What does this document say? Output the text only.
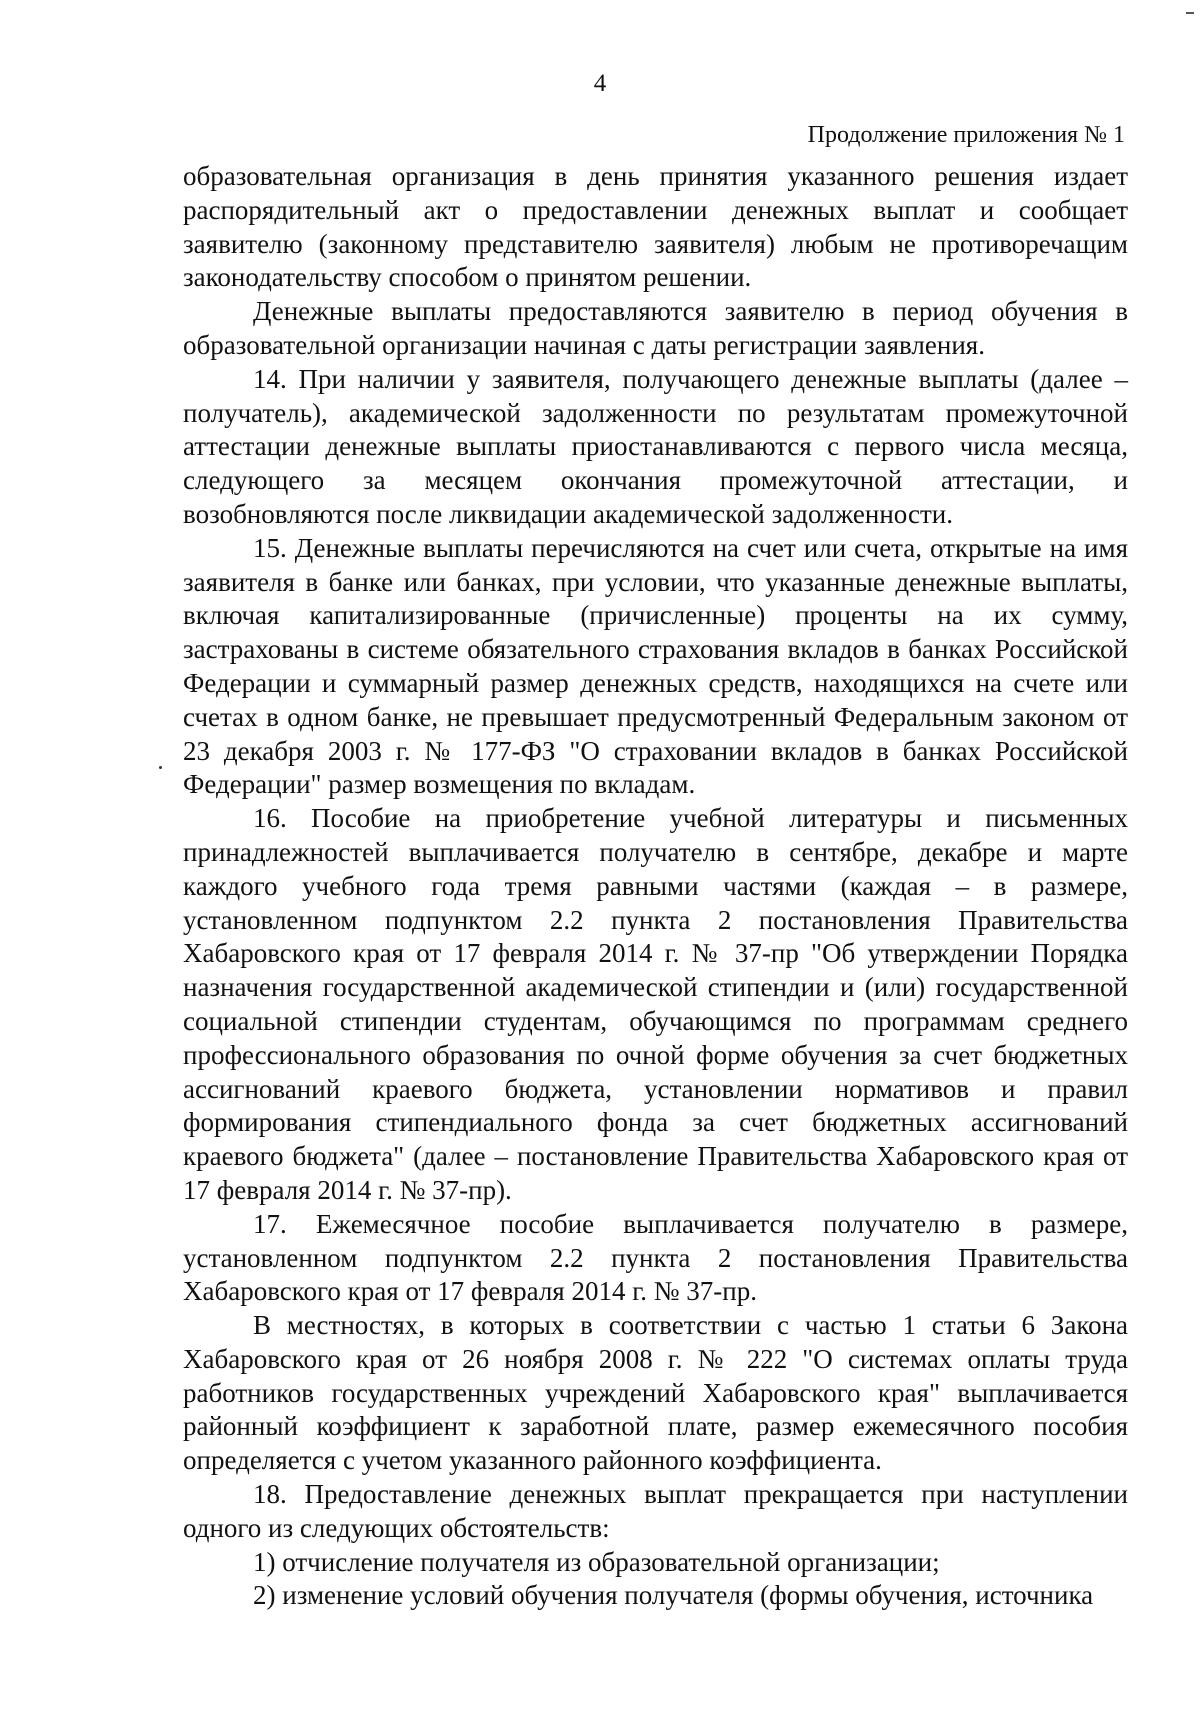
4
Продолжение приложения № 1

образовательная организация в день принятия указанного решения издает распорядительный акт о предоставлении денежных выплат и сообщает заявителю (законному представителю заявителя) любым не противоречащим законодательству способом о принятом решении.

Денежные выплаты предоставляются заявителю в период обучения в образовательной организации начиная с даты регистрации заявления.

14. При наличии у заявителя, получающего денежные выплаты (далее – получатель), академической задолженности по результатам промежуточной аттестации денежные выплаты приостанавливаются с первого числа месяца, следующего за месяцем окончания промежуточной аттестации, и возобновляются после ликвидации академической задолженности.

15. Денежные выплаты перечисляются на счет или счета, открытые на имя заявителя в банке или банках, при условии, что указанные денежные выплаты, включая капитализированные (причисленные) проценты на их сумму, застрахованы в системе обязательного страхования вкладов в банках Российской Федерации и суммарный размер денежных средств, находящихся на счете или счетах в одном банке, не превышает предусмотренный Федеральным законом от 23 декабря 2003 г. № 177-ФЗ "О страховании вкладов в банках Российской Федерации" размер возмещения по вкладам.

16. Пособие на приобретение учебной литературы и письменных принадлежностей выплачивается получателю в сентябре, декабре и марте каждого учебного года тремя равными частями (каждая – в размере, установленном подпунктом 2.2 пункта 2 постановления Правительства Хабаровского края от 17 февраля 2014 г. № 37-пр "Об утверждении Порядка назначения государственной академической стипендии и (или) государственной социальной стипендии студентам, обучающимся по программам среднего профессионального образования по очной форме обучения за счет бюджетных ассигнований краевого бюджета, установлении нормативов и правил формирования стипендиального фонда за счет бюджетных ассигнований краевого бюджета" (далее – постановление Правительства Хабаровского края от 17 февраля 2014 г. № 37-пр).

17. Ежемесячное пособие выплачивается получателю в размере, установленном подпунктом 2.2 пункта 2 постановления Правительства Хабаровского края от 17 февраля 2014 г. № 37-пр.

В местностях, в которых в соответствии с частью 1 статьи 6 Закона Хабаровского края от 26 ноября 2008 г. № 222 "О системах оплаты труда работников государственных учреждений Хабаровского края" выплачивается районный коэффициент к заработной плате, размер ежемесячного пособия определяется с учетом указанного районного коэффициента.

18. Предоставление денежных выплат прекращается при наступлении одного из следующих обстоятельств:

1) отчисление получателя из образовательной организации;

2) изменение условий обучения получателя (формы обучения, источника
